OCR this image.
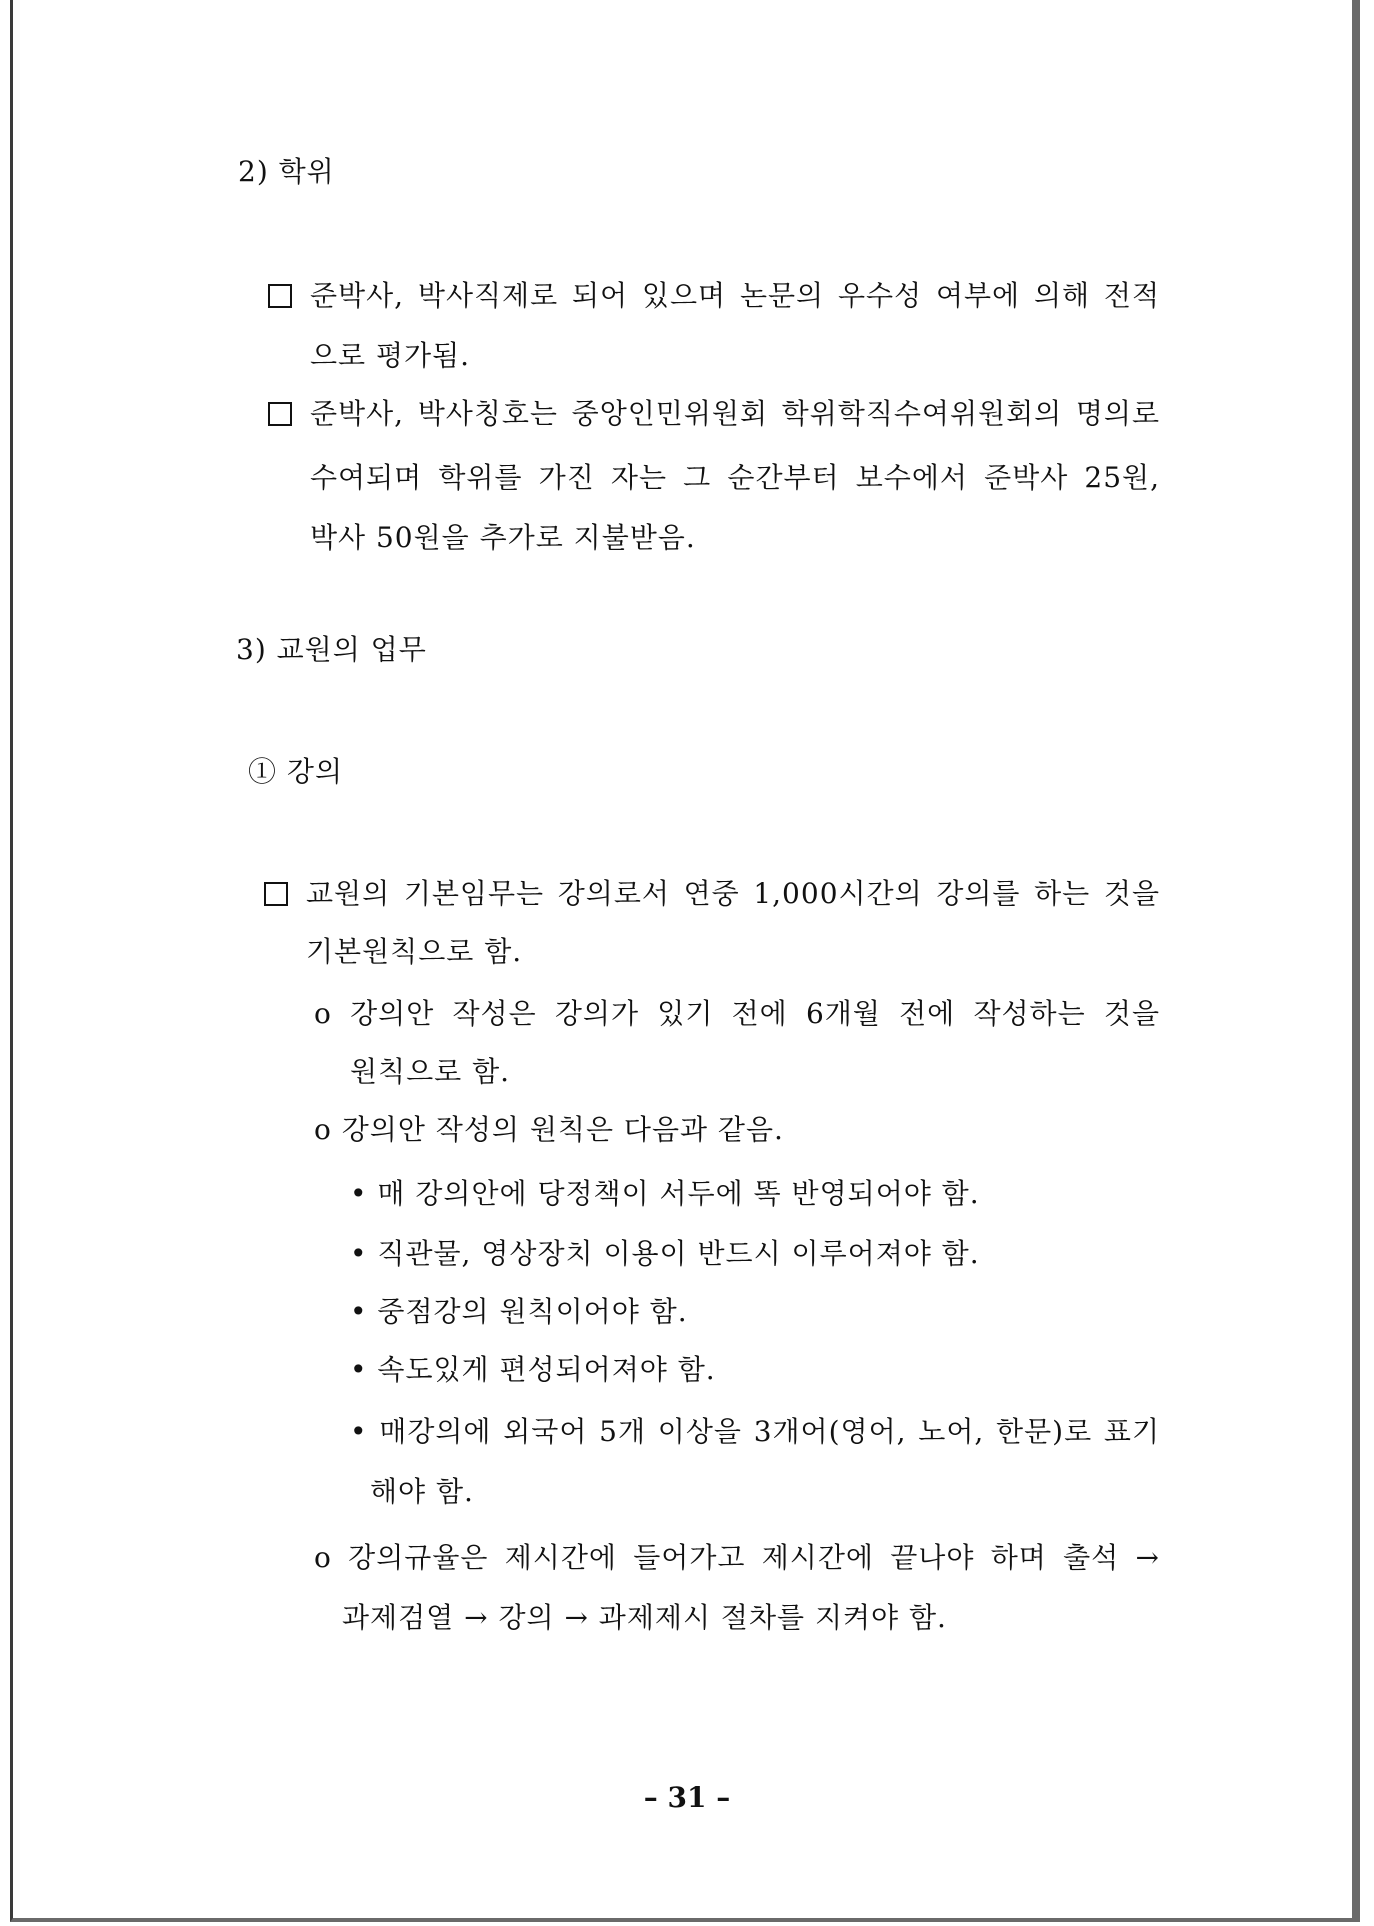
2) 학위
준박사, 박사직제로 되어 있으며 논문의 우수성 여부에 의해 전적
으로 평가됨.
준박사, 박사칭호는 중앙인민위원회 학위학직수여위원회의 명의로
수여되며 학위를 가진 자는 그 순간부터 보수에서 준박사 25원,
박사 50원을 추가로 지불받음.
3) 교원의 업무
① 강의
교원의 기본임무는 강의로서 연중 1,000시간의 강의를 하는 것을
기본원칙으로 함.
o 강의안 작성은 강의가 있기 전에 6개월 전에 작성하는 것을
원칙으로 함.
o 강의안 작성의 원칙은 다음과 같음.
• 매 강의안에 당정책이 서두에 똑 반영되어야 함.
• 직관물, 영상장치 이용이 반드시 이루어져야 함.
• 중점강의 원칙이어야 함.
• 속도있게 편성되어져야 함.
• 매강의에 외국어 5개 이상을 3개어(영어, 노어, 한문)로 표기
해야 함.
o 강의규율은 제시간에 들어가고 제시간에 끝나야 하며 출석 →
과제검열 → 강의 → 과제제시 절차를 지켜야 함.
– 31 –
